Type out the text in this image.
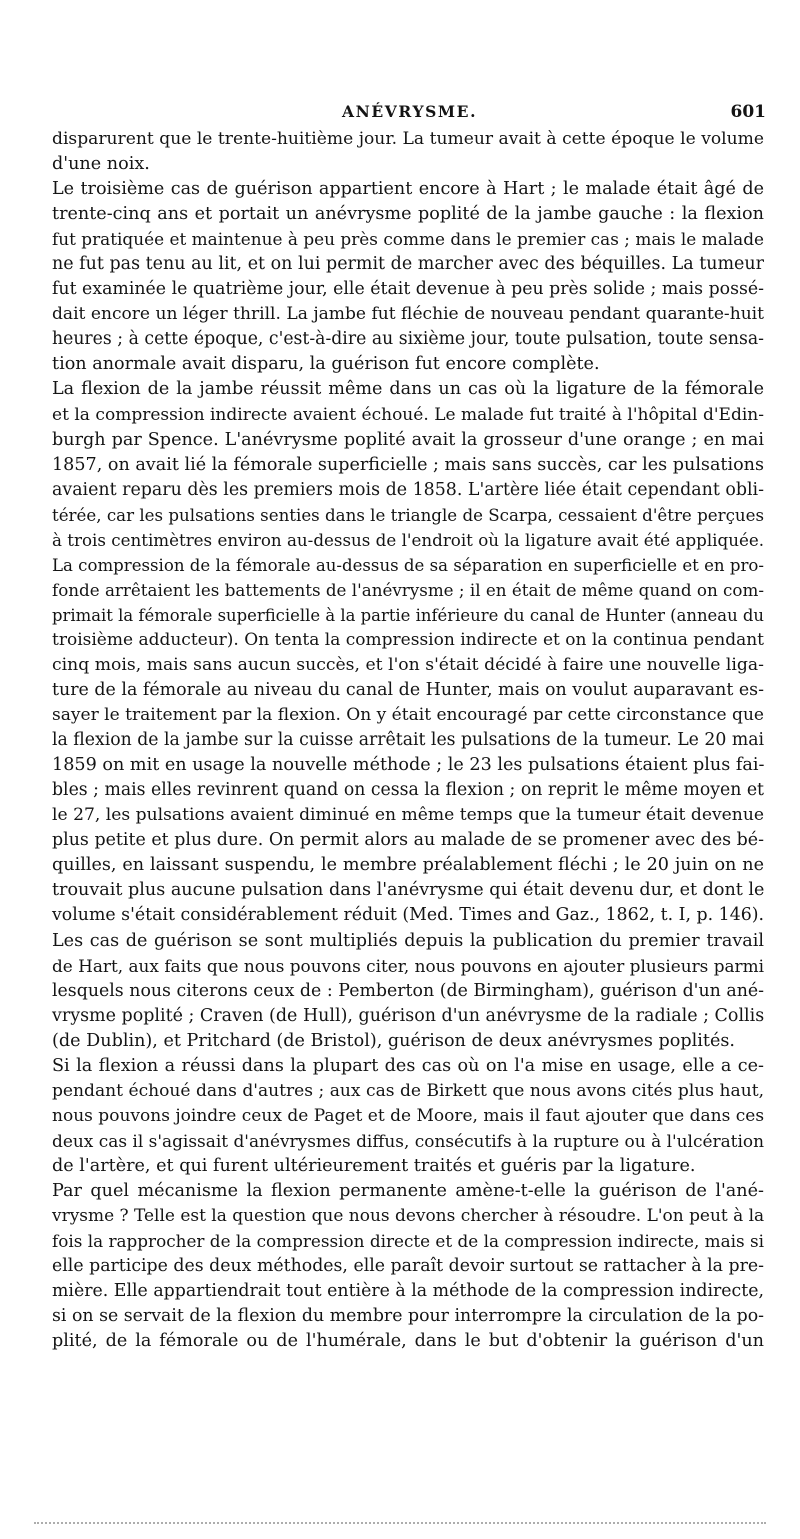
ANÉVRYSME.	601

disparurent que le trente-huitième jour. La tumeur avait à cette époque le volume
d'une noix.

Le troisième cas de guérison appartient encore à Hart ; le malade était âgé de
trente-cinq ans et portait un anévrysme poplité de la jambe gauche : la flexion
fut pratiquée et maintenue à peu près comme dans le premier cas ; mais le malade
ne fut pas tenu au lit, et on lui permit de marcher avec des béquilles. La tumeur
fut examinée le quatrième jour, elle était devenue à peu près solide ; mais possé-
dait encore un léger thrill. La jambe fut fléchie de nouveau pendant quarante-huit
heures ; à cette époque, c'est-à-dire au sixième jour, toute pulsation, toute sensa-
tion anormale avait disparu, la guérison fut encore complète.

La flexion de la jambe réussit même dans un cas où la ligature de la fémorale
et la compression indirecte avaient échoué. Le malade fut traité à l'hôpital d'Edin-
burgh par Spence. L'anévrysme poplité avait la grosseur d'une orange ; en mai
1857, on avait lié la fémorale superficielle ; mais sans succès, car les pulsations
avaient reparu dès les premiers mois de 1858. L'artère liée était cependant obli-
térée, car les pulsations senties dans le triangle de Scarpa, cessaient d'être perçues
à trois centimètres environ au-dessus de l'endroit où la ligature avait été appliquée.
La compression de la fémorale au-dessus de sa séparation en superficielle et en pro-
fonde arrêtaient les battements de l'anévrysme ; il en était de même quand on com-
primait la fémorale superficielle à la partie inférieure du canal de Hunter (anneau du
troisième adducteur). On tenta la compression indirecte et on la continua pendant
cinq mois, mais sans aucun succès, et l'on s'était décidé à faire une nouvelle liga-
ture de la fémorale au niveau du canal de Hunter, mais on voulut auparavant es-
sayer le traitement par la flexion. On y était encouragé par cette circonstance que
la flexion de la jambe sur la cuisse arrêtait les pulsations de la tumeur. Le 20 mai
1859 on mit en usage la nouvelle méthode ; le 23 les pulsations étaient plus fai-
bles ; mais elles revinrent quand on cessa la flexion ; on reprit le même moyen et
le 27, les pulsations avaient diminué en même temps que la tumeur était devenue
plus petite et plus dure. On permit alors au malade de se promener avec des bé-
quilles, en laissant suspendu, le membre préalablement fléchi ; le 20 juin on ne
trouvait plus aucune pulsation dans l'anévrysme qui était devenu dur, et dont le
volume s'était considérablement réduit (Med. Times and Gaz., 1862, t. I, p. 146).

Les cas de guérison se sont multipliés depuis la publication du premier travail
de Hart, aux faits que nous pouvons citer, nous pouvons en ajouter plusieurs parmi
lesquels nous citerons ceux de : Pemberton (de Birmingham), guérison d'un ané-
vrysme poplité ; Craven (de Hull), guérison d'un anévrysme de la radiale ; Collis
(de Dublin), et Pritchard (de Bristol), guérison de deux anévrysmes poplités.

Si la flexion a réussi dans la plupart des cas où on l'a mise en usage, elle a ce-
pendant échoué dans d'autres ; aux cas de Birkett que nous avons cités plus haut,
nous pouvons joindre ceux de Paget et de Moore, mais il faut ajouter que dans ces
deux cas il s'agissait d'anévrysmes diffus, consécutifs à la rupture ou à l'ulcération
de l'artère, et qui furent ultérieurement traités et guéris par la ligature.

Par quel mécanisme la flexion permanente amène-t-elle la guérison de l'ané-
vrysme ? Telle est la question que nous devons chercher à résoudre. L'on peut à la
fois la rapprocher de la compression directe et de la compression indirecte, mais si
elle participe des deux méthodes, elle paraît devoir surtout se rattacher à la pre-
mière. Elle appartiendrait tout entière à la méthode de la compression indirecte,
si on se servait de la flexion du membre pour interrompre la circulation de la po-
plité, de la fémorale ou de l'humérale, dans le but d'obtenir la guérison d'un
